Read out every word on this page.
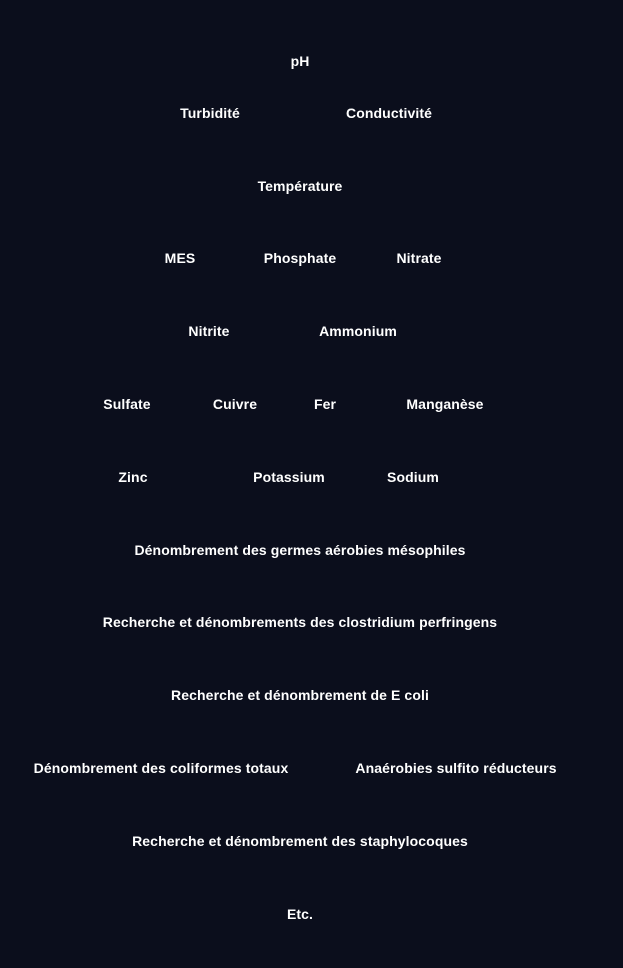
pH
Turbidité	Conductivité
Température
MES	Phosphate	Nitrate
Nitrite	Ammonium
Sulfate	Cuivre	Fer	Manganèse
Zinc	Potassium	Sodium
Dénombrement des germes aérobies mésophiles
Recherche et dénombrements des clostridium perfringens
Recherche et dénombrement de E coli
Dénombrement des coliformes totaux	Anaérobies sulfito réducteurs
Recherche et dénombrement des staphylocoques
Etc.
